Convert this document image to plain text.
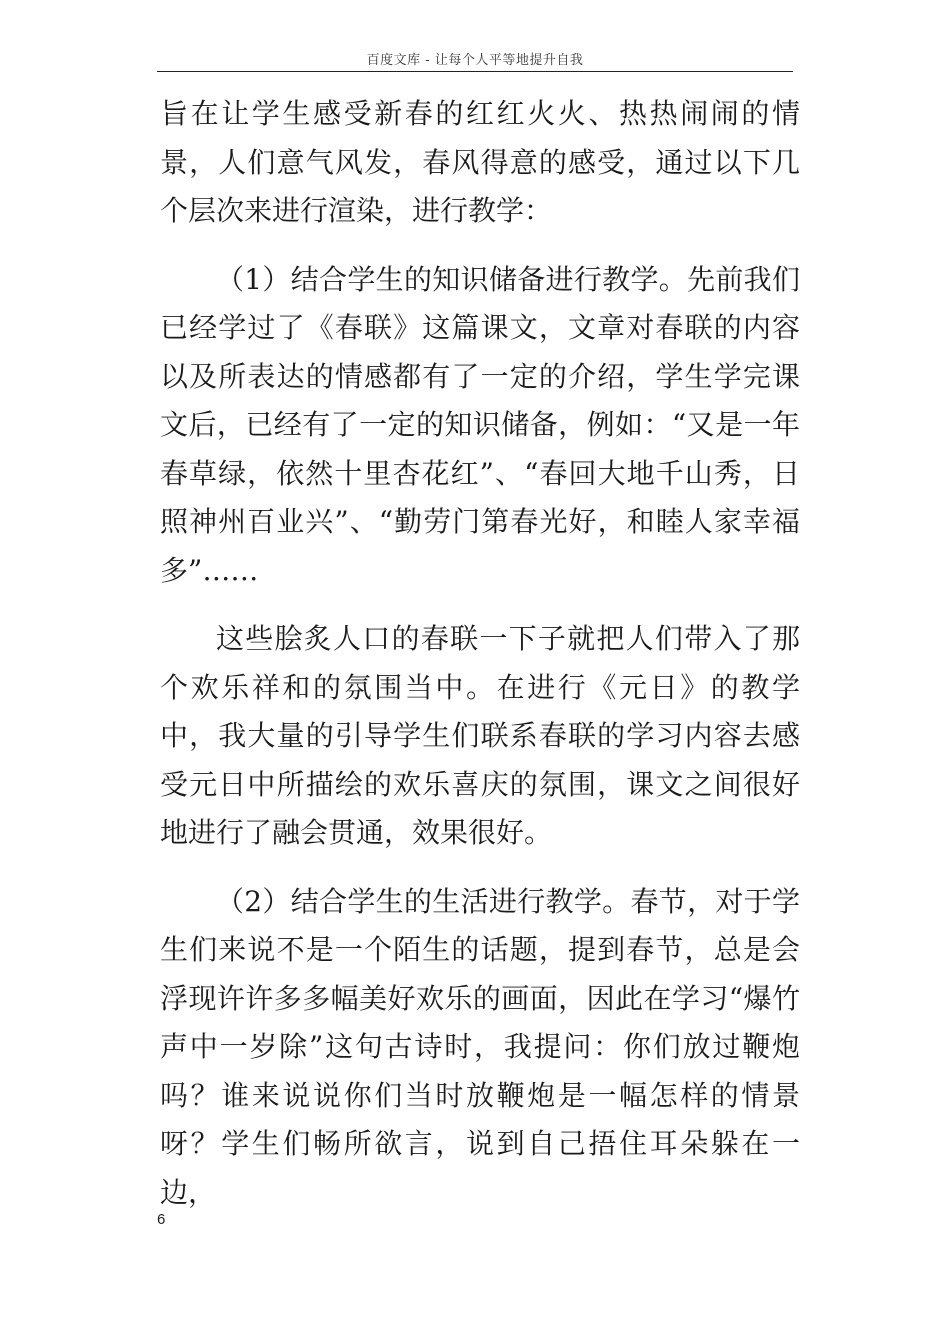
百度文库 - 让每个人平等地提升自我

旨在让学生感受新春的红红火火、热热闹闹的情景，人们意气风发，春风得意的感受，通过以下几个层次来进行渲染，进行教学：

（1）结合学生的知识储备进行教学。先前我们已经学过了《春联》这篇课文，文章对春联的内容以及所表达的情感都有了一定的介绍，学生学完课文后，已经有了一定的知识储备，例如：“又是一年春草绿，依然十里杏花红”、“春回大地千山秀，日照神州百业兴”、“勤劳门第春光好，和睦人家幸福多”……

这些脍炙人口的春联一下子就把人们带入了那个欢乐祥和的氛围当中。在进行《元日》的教学中，我大量的引导学生们联系春联的学习内容去感受元日中所描绘的欢乐喜庆的氛围，课文之间很好地进行了融会贯通，效果很好。

（2）结合学生的生活进行教学。春节，对于学生们来说不是一个陌生的话题，提到春节，总是会浮现许许多多幅美好欢乐的画面，因此在学习“爆竹声中一岁除”这句古诗时，我提问：你们放过鞭炮吗？谁来说说你们当时放鞭炮是一幅怎样的情景呀？学生们畅所欲言，说到自己捂住耳朵躲在一边，

6
